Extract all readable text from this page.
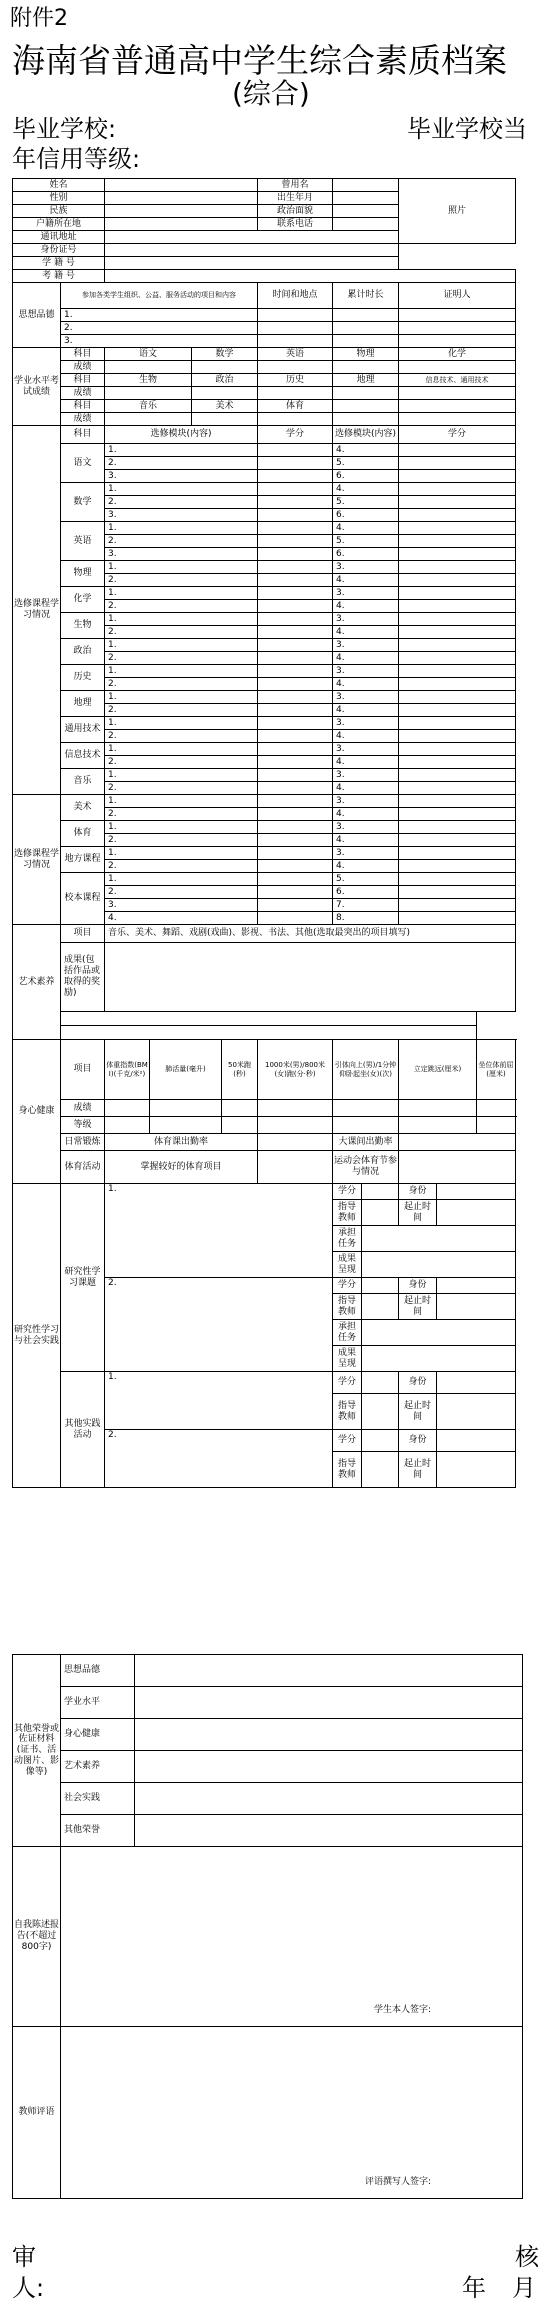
附件2
海南省普通高中学生综合素质档案
(综合)
毕业学校:	毕业学校当
年信用等级:
姓名						曾用名			照片		
性别						出生年月					
民族						政治面貌					
户籍所在地						联系电话					
通讯地址											
身份证号											
学 籍 号											
考 籍 号											
思想品德	参加各类学生组织、公益、服务活动的项目和内容					时间和地点	累计时长		证明人		
	1.										
	2.										
	3.										
学业水平考试成绩	科目	语文		数学		英语	物理		化学		
	成绩										
	科目	生物		政治		历史	地理		信息技术、通用技术		
	成绩										
	科目	音乐		美术		体育					
	成绩										
选修课程学习情况	科目	选修模块(内容)				学分	选修模块(内容)		学分		
	语文	1.					4.				
		2.					5.				
		3.					6.				
	数学	1.					4.				
		2.					5.				
		3.					6.				
	英语	1.					4.				
		2.					5.				
		3.					6.				
	物理	1.					3.				
		2.					4.				
	化学	1.					3.				
		2.					4.				
	生物	1.					3.				
		2.					4.				
	政治	1.					3.				
		2.					4.				
	历史	1.					3.				
		2.					4.				
	地理	1.					3.				
		2.					4.				
	通用技术	1.					3.				
		2.					4.				
	信息技术	1.					3.				
		2.					4.				
	音乐	1.					3.				
		2.					4.				
选修课程学习情况	美术	1.					3.				
		2.					4.				
	体育	1.					3.				
		2.					4.				
	地方课程	1.					3.				
		2.					4.				
	校本课程	1.					5.				
		2.					6.				
		3.					7.				
		4.					8.				
艺术素养	项目	音乐、美术、舞蹈、戏剧(戏曲)、影视、书法、其他(选取最突出的项目填写)									
	成果(包括作品或取得的奖励)										

身心健康	项目	体重指数(BMI)(千克/米²)	肺活量(毫升)		50米跑(秒)	1000米(男)/800米(女)跑(分·秒)	引体向上(男)/1分钟仰卧起坐(女)(次)		立定跳远(厘米)		坐位体前屈(厘米)
	成绩										
	等级										
	日常锻炼	体育课出勤率					大课间出勤率				
	体育活动	掌握较好的体育项目					运动会体育节参与情况				

研究性学习与社会实践	研究性学习课题	1.					学分		身份		
							指导教师		起止时间		
							承担任务				
							成果呈现				
		2.					学分		身份		
							指导教师		起止时间		
							承担任务				
							成果呈现				
	其他实践活动	1.					学分		身份		
							指导教师		起止时间		
		2.					学分		身份		
							指导教师		起止时间		
其他荣誉或佐证材料(证书、活动图片、影像等)	思想品德	
	学业水平	
	身心健康	
	艺术素养	
	社会实践	
	其他荣誉	
自我陈述报告(不超过800字)	学生本人签字:	

教师评语	评语撰写人签字:	
审	核
人:	年 月
